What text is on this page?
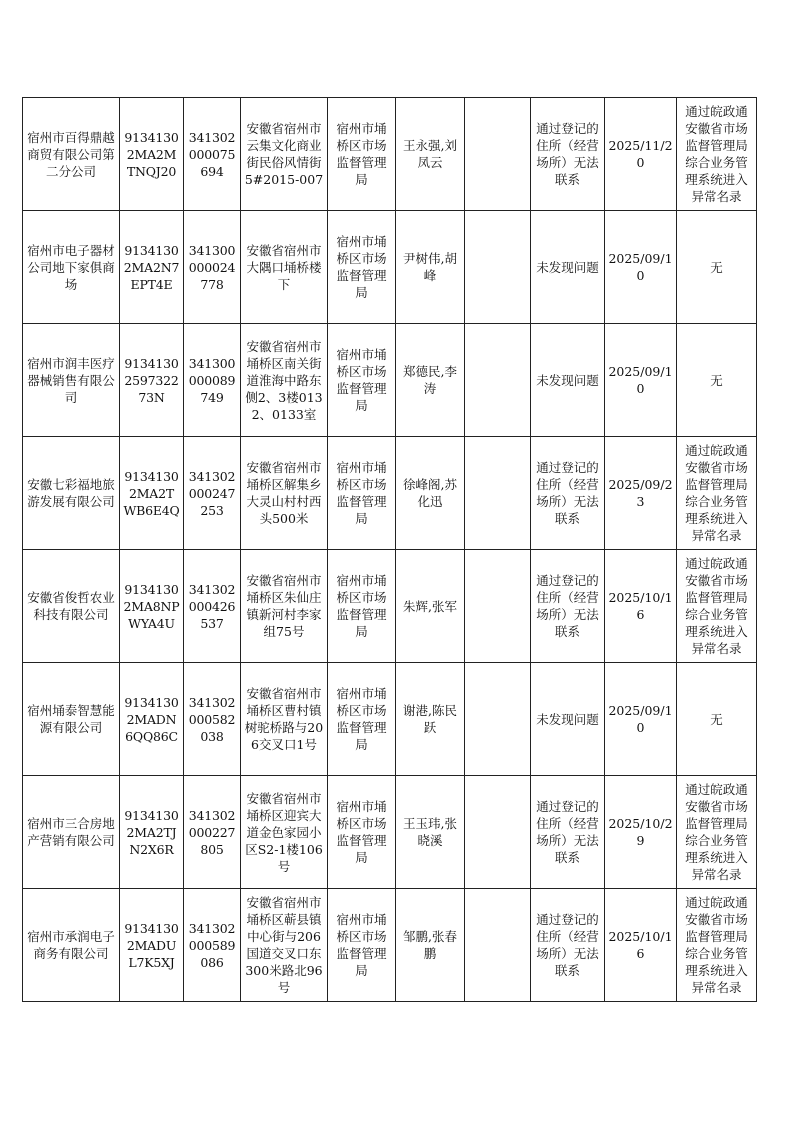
宿州市百得鼎越商贸有限公司第二分公司	91341302MA2MTNQJ20	341302000075694	安徽省宿州市云集文化商业街民俗风情街5#2015-007	宿州市埇桥区市场监督管理局	王永强,刘凤云		通过登记的住所（经营场所）无法联系	2025/11/20	通过皖政通安徽省市场监督管理局综合业务管理系统进入异常名录
宿州市电子器材公司地下家俱商场	91341302MA2N7EPT4E	341300000024778	安徽省宿州市大隅口埇桥楼下	宿州市埇桥区市场监督管理局	尹树伟,胡峰		未发现问题	2025/09/10	无
宿州市润丰医疗器械销售有限公司	9134130259732273N	341300000089749	安徽省宿州市埇桥区南关街道淮海中路东侧2、3楼0132、0133室	宿州市埇桥区市场监督管理局	郑德民,李涛		未发现问题	2025/09/10	无
安徽七彩福地旅游发展有限公司	91341302MA2TWB6E4Q	341302000247253	安徽省宿州市埇桥区解集乡大灵山村村西头500米	宿州市埇桥区市场监督管理局	徐峰阁,苏化迅		通过登记的住所（经营场所）无法联系	2025/09/23	通过皖政通安徽省市场监督管理局综合业务管理系统进入异常名录
安徽省俊哲农业科技有限公司	91341302MA8NPWYA4U	341302000426537	安徽省宿州市埇桥区朱仙庄镇新河村李家组75号	宿州市埇桥区市场监督管理局	朱辉,张军		通过登记的住所（经营场所）无法联系	2025/10/16	通过皖政通安徽省市场监督管理局综合业务管理系统进入异常名录
宿州埇泰智慧能源有限公司	91341302MADN6QQ86C	341302000582038	安徽省宿州市埇桥区曹村镇树驼桥路与206交叉口1号	宿州市埇桥区市场监督管理局	谢港,陈民跃		未发现问题	2025/09/10	无
宿州市三合房地产营销有限公司	91341302MA2TJN2X6R	341302000227805	安徽省宿州市埇桥区迎宾大道金色家园小区S2-1楼106号	宿州市埇桥区市场监督管理局	王玉玮,张晓溪		通过登记的住所（经营场所）无法联系	2025/10/29	通过皖政通安徽省市场监督管理局综合业务管理系统进入异常名录
宿州市承润电子商务有限公司	91341302MADUL7K5XJ	341302000589086	安徽省宿州市埇桥区蕲县镇中心街与206国道交叉口东300米路北96号	宿州市埇桥区市场监督管理局	邹鹏,张春鹏		通过登记的住所（经营场所）无法联系	2025/10/16	通过皖政通安徽省市场监督管理局综合业务管理系统进入异常名录
